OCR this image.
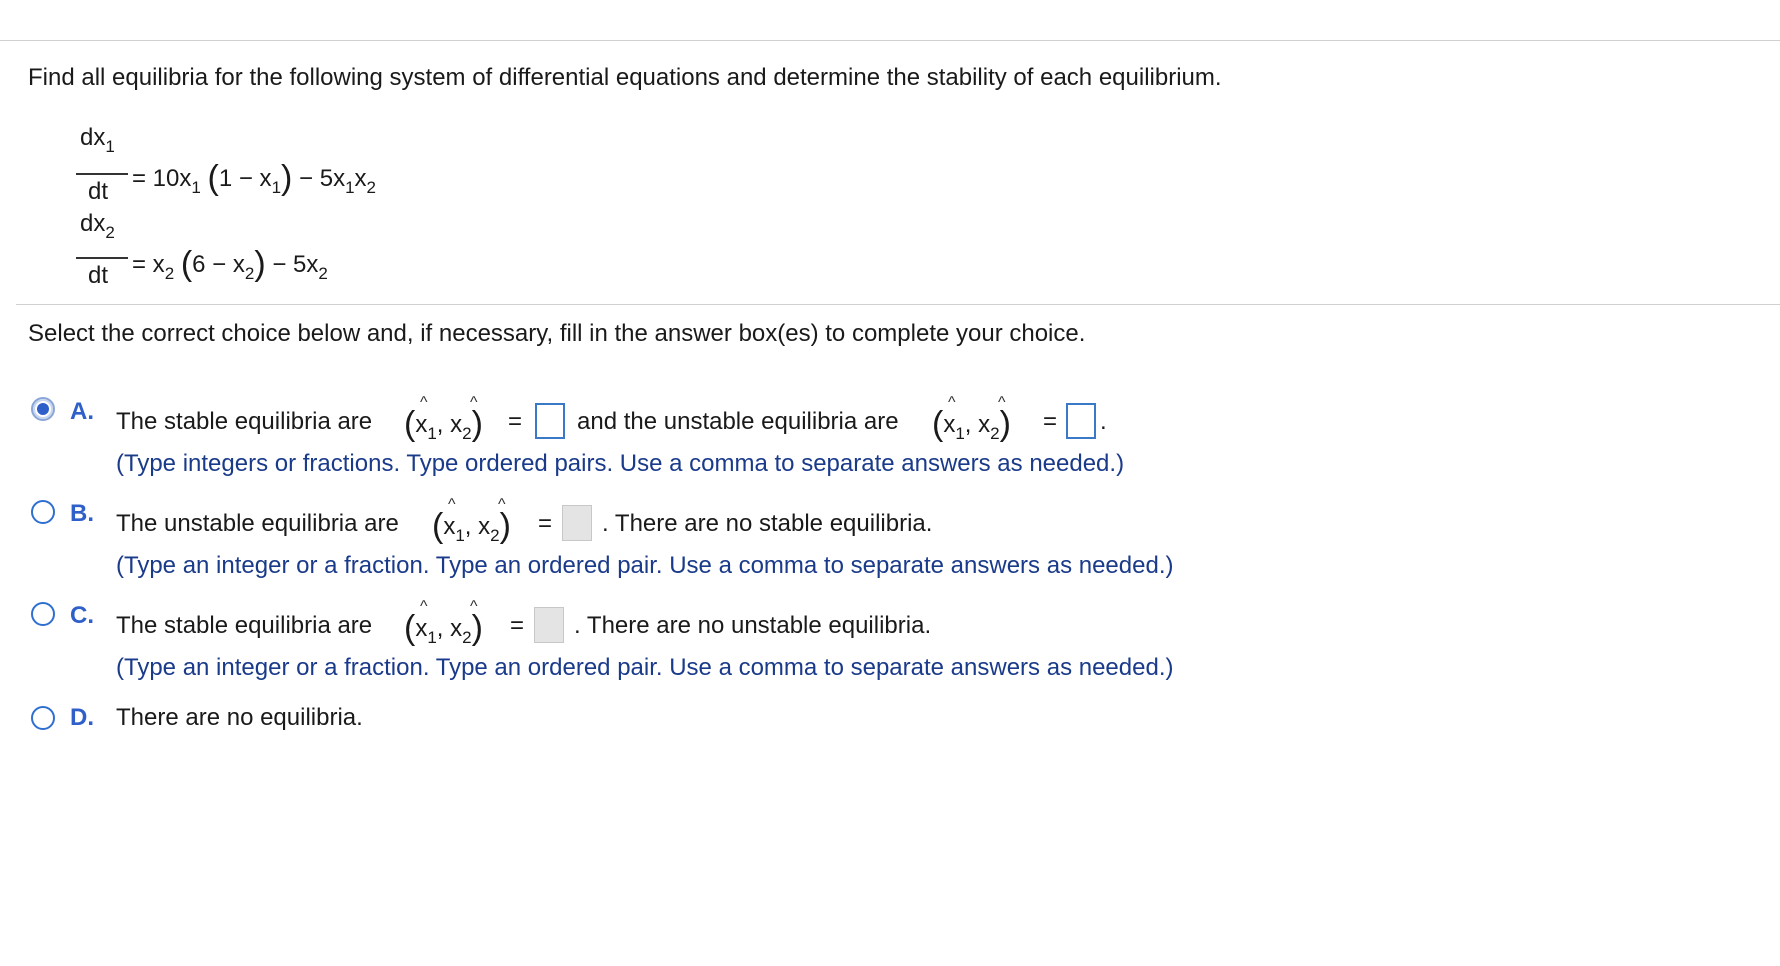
Find all equilibria for the following system of differential equations and determine the stability of each equilibrium.
$dx_1$
dt = $10x_1$ $(1 - x_1) - 5x_1x_2$
$dx_2$
dt = $x_2$ $(6 - x_2) - 5x_2$
Select the correct choice below and, if necessary, fill in the answer box(es) to complete your choice.
A. The stable equilibria are ($x_1$, $x_2$)
^	^
= and the unstable equilibria are ($x_1$, $x_2$)
^	^
= .
(Type integers or fractions. Type ordered pairs. Use a comma to separate answers as needed.)
B. The unstable equilibria are ($x_1$, $x_2$)
^	^
= . There are no stable equilibria.
(Type an integer or a fraction. Type an ordered pair. Use a comma to separate answers as needed.)
C. The stable equilibria are ($x_1$, $x_2$)
^	^
= . There are no unstable equilibria.
(Type an integer or a fraction. Type an ordered pair. Use a comma to separate answers as needed.)
D. There are no equilibria.
